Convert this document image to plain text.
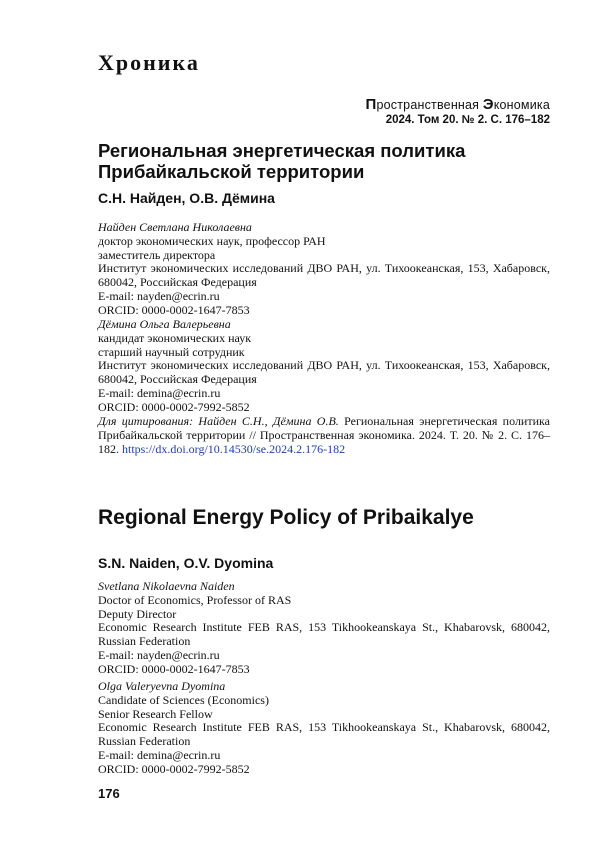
Хроника
Пространственная Экономика
2024. Том 20. № 2. С. 176–182
Региональная энергетическая политика
Прибайкальской территории
С.Н. Найден, О.В. Дёмина
Найден Светлана Николаевна
доктор экономических наук, профессор РАН
заместитель директора
Институт экономических исследований ДВО РАН, ул. Тихоокеанская, 153, Хабаровск, 680042, Российская Федерация
E-mail: nayden@ecrin.ru
ORCID: 0000-0002-1647-7853
Дёмина Ольга Валерьевна
кандидат экономических наук
старший научный сотрудник
Институт экономических исследований ДВО РАН, ул. Тихоокеанская, 153, Хабаровск, 680042, Российская Федерация
E-mail: demina@ecrin.ru
ORCID: 0000-0002-7992-5852
Для цитирования: Найден С.Н., Дёмина О.В. Региональная энергетическая политика Прибайкальской территории // Пространственная экономика. 2024. Т. 20. № 2. С. 176–182. https://dx.doi.org/10.14530/se.2024.2.176-182
Regional Energy Policy of Pribaikalye
S.N. Naiden, O.V. Dyomina
Svetlana Nikolaevna Naiden
Doctor of Economics, Professor of RAS
Deputy Director
Economic Research Institute FEB RAS, 153 Tikhookeanskaya St., Khabarovsk, 680042, Russian Federation
E-mail: nayden@ecrin.ru
ORCID: 0000-0002-1647-7853
Olga Valeryevna Dyomina
Candidate of Sciences (Economics)
Senior Research Fellow
Economic Research Institute FEB RAS, 153 Tikhookeanskaya St., Khabarovsk, 680042, Russian Federation
E-mail: demina@ecrin.ru
ORCID: 0000-0002-7992-5852
176
